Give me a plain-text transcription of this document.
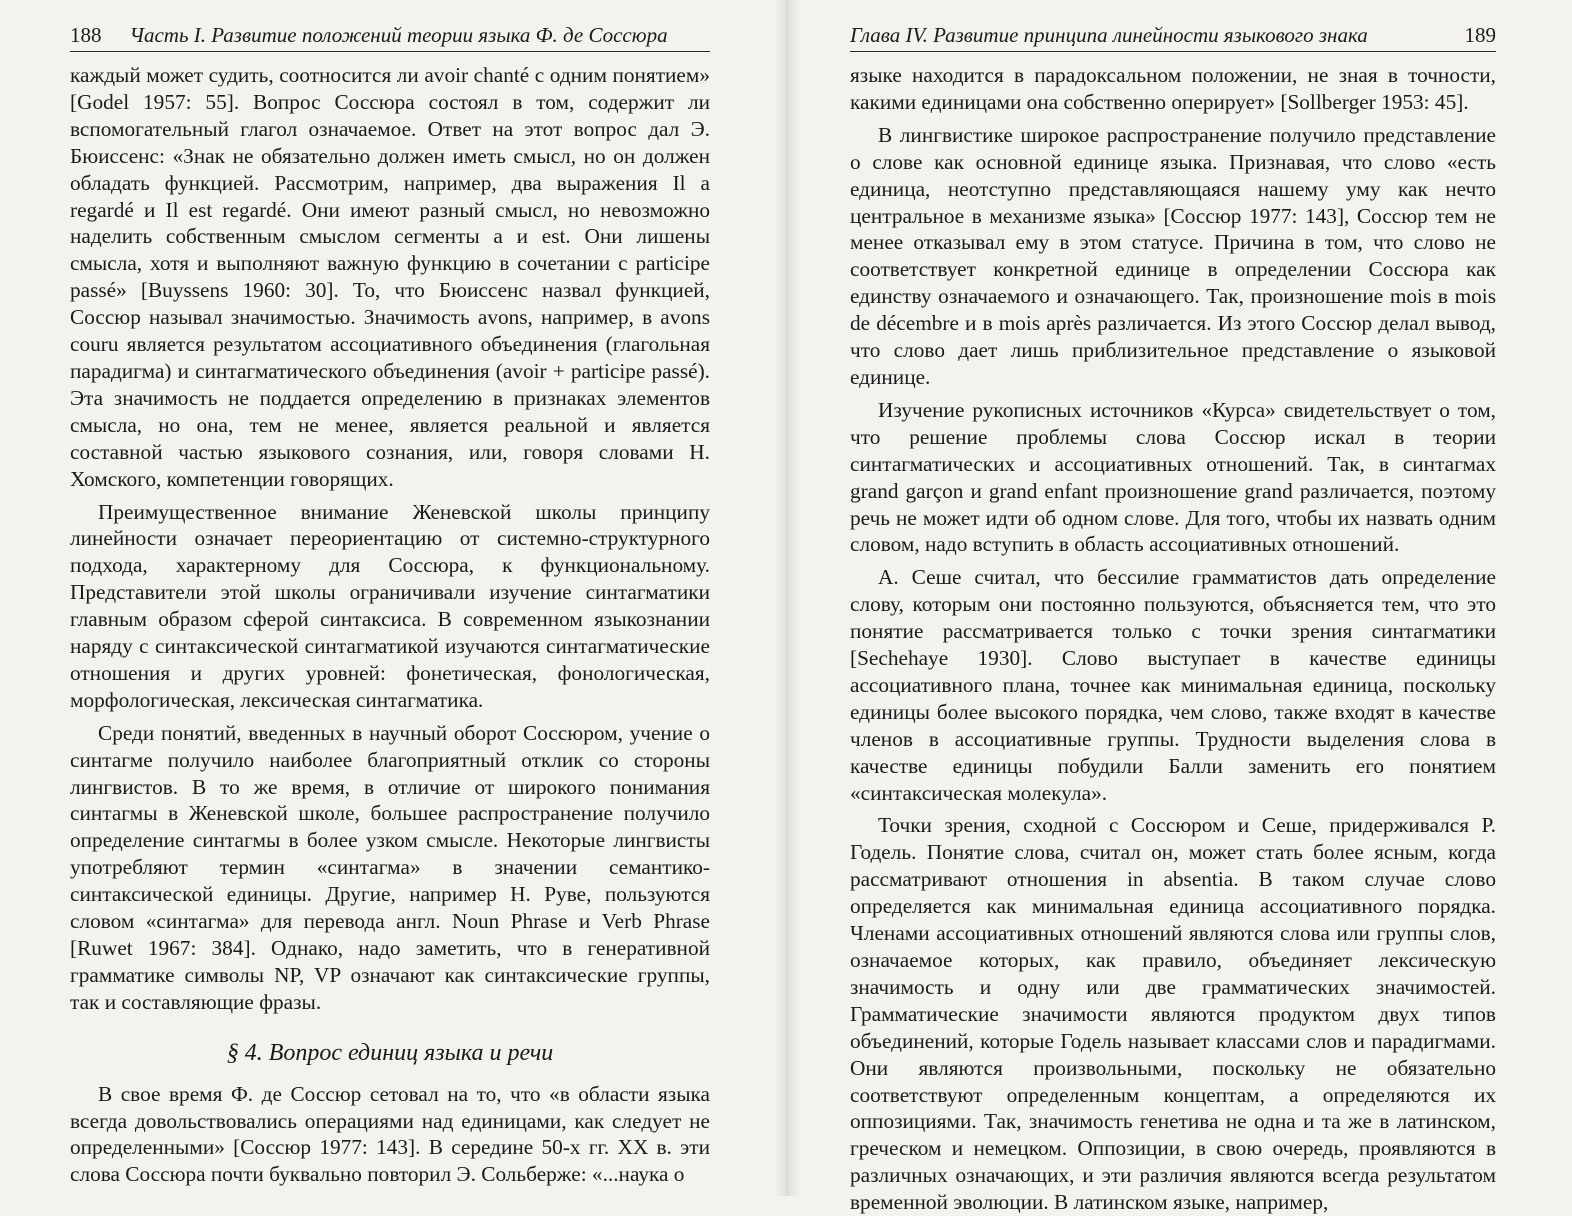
188 Часть I. Развитие положений теории языка Ф. де Соссюра

каждый может судить, соотносится ли avoir chanté с одним понятием» [Godel 1957: 55]. Вопрос Соссюра состоял в том, содержит ли вспомогательный глагол означаемое. Ответ на этот вопрос дал Э. Бюиссенс: «Знак не обязательно должен иметь смысл, но он должен обладать функцией. Рассмотрим, например, два выражения Il a regardé и Il est regardé. Они имеют разный смысл, но невозможно наделить собственным смыслом сегменты a и est. Они лишены смысла, хотя и выполняют важную функцию в сочетании с participe passé» [Buyssens 1960: 30]. То, что Бюиссенс назвал функцией, Соссюр называл значимостью. Значимость avons, например, в avons couru является результатом ассоциативного объединения (глагольная парадигма) и синтагматического объединения (avoir + participe passé). Эта значимость не поддается определению в признаках элементов смысла, но она, тем не менее, является реальной и является составной частью языкового сознания, или, говоря словами Н. Хомского, компетенции говорящих.

Преимущественное внимание Женевской школы принципу линейности означает переориентацию от системно-структурного подхода, характерному для Соссюра, к функциональному. Представители этой школы ограничивали изучение синтагматики главным образом сферой синтаксиса. В современном языкознании наряду с синтаксической синтагматикой изучаются синтагматические отношения и других уровней: фонетическая, фонологическая, морфологическая, лексическая синтагматика.

Среди понятий, введенных в научный оборот Соссюром, учение о синтагме получило наиболее благоприятный отклик со стороны лингвистов. В то же время, в отличие от широкого понимания синтагмы в Женевской школе, большее распространение получило определение синтагмы в более узком смысле. Некоторые лингвисты употребляют термин «синтагма» в значении семантико-синтаксической единицы. Другие, например Н. Руве, пользуются словом «синтагма» для перевода англ. Noun Phrase и Verb Phrase [Ruwet 1967: 384]. Однако, надо заметить, что в генеративной грамматике символы NP, VP означают как синтаксические группы, так и составляющие фразы.

§ 4. Вопрос единиц языка и речи

В свое время Ф. де Соссюр сетовал на то, что «в области языка всегда довольствовались операциями над единицами, как следует не определенными» [Соссюр 1977: 143]. В середине 50-х гг. XX в. эти слова Соссюра почти буквально повторил Э. Сольберже: «...наука о

Глава IV. Развитие принципа линейности языкового знака	189

языке находится в парадоксальном положении, не зная в точности, какими единицами она собственно оперирует» [Sollberger 1953: 45].

В лингвистике широкое распространение получило представление о слове как основной единице языка. Признавая, что слово «есть единица, неотступно представляющаяся нашему уму как нечто центральное в механизме языка» [Соссюр 1977: 143], Соссюр тем не менее отказывал ему в этом статусе. Причина в том, что слово не соответствует конкретной единице в определении Соссюра как единству означаемого и означающего. Так, произношение mois в mois de décembre и в mois après различается. Из этого Соссюр делал вывод, что слово дает лишь приблизительное представление о языковой единице.

Изучение рукописных источников «Курса» свидетельствует о том, что решение проблемы слова Соссюр искал в теории синтагматических и ассоциативных отношений. Так, в синтагмах grand garçon и grand enfant произношение grand различается, поэтому речь не может идти об одном слове. Для того, чтобы их назвать одним словом, надо вступить в область ассоциативных отношений.

А. Сеше считал, что бессилие грамматистов дать определение слову, которым они постоянно пользуются, объясняется тем, что это понятие рассматривается только с точки зрения синтагматики [Sechehaye 1930]. Слово выступает в качестве единицы ассоциативного плана, точнее как минимальная единица, поскольку единицы более высокого порядка, чем слово, также входят в качестве членов в ассоциативные группы. Трудности выделения слова в качестве единицы побудили Балли заменить его понятием «синтаксическая молекула».

Точки зрения, сходной с Соссюром и Сеше, придерживался Р. Годель. Понятие слова, считал он, может стать более ясным, когда рассматривают отношения in absentia. В таком случае слово определяется как минимальная единица ассоциативного порядка. Членами ассоциативных отношений являются слова или группы слов, означаемое которых, как правило, объединяет лексическую значимость и одну или две грамматических значимостей. Грамматические значимости являются продуктом двух типов объединений, которые Годель называет классами слов и парадигмами. Они являются произвольными, поскольку не обязательно соответствуют определенным концептам, а определяются их оппозициями. Так, значимость генетива не одна и та же в латинском, греческом и немецком. Оппозиции, в свою очередь, проявляются в различных означающих, и эти различия являются всегда результатом временной эволюции. В латинском языке, например,
